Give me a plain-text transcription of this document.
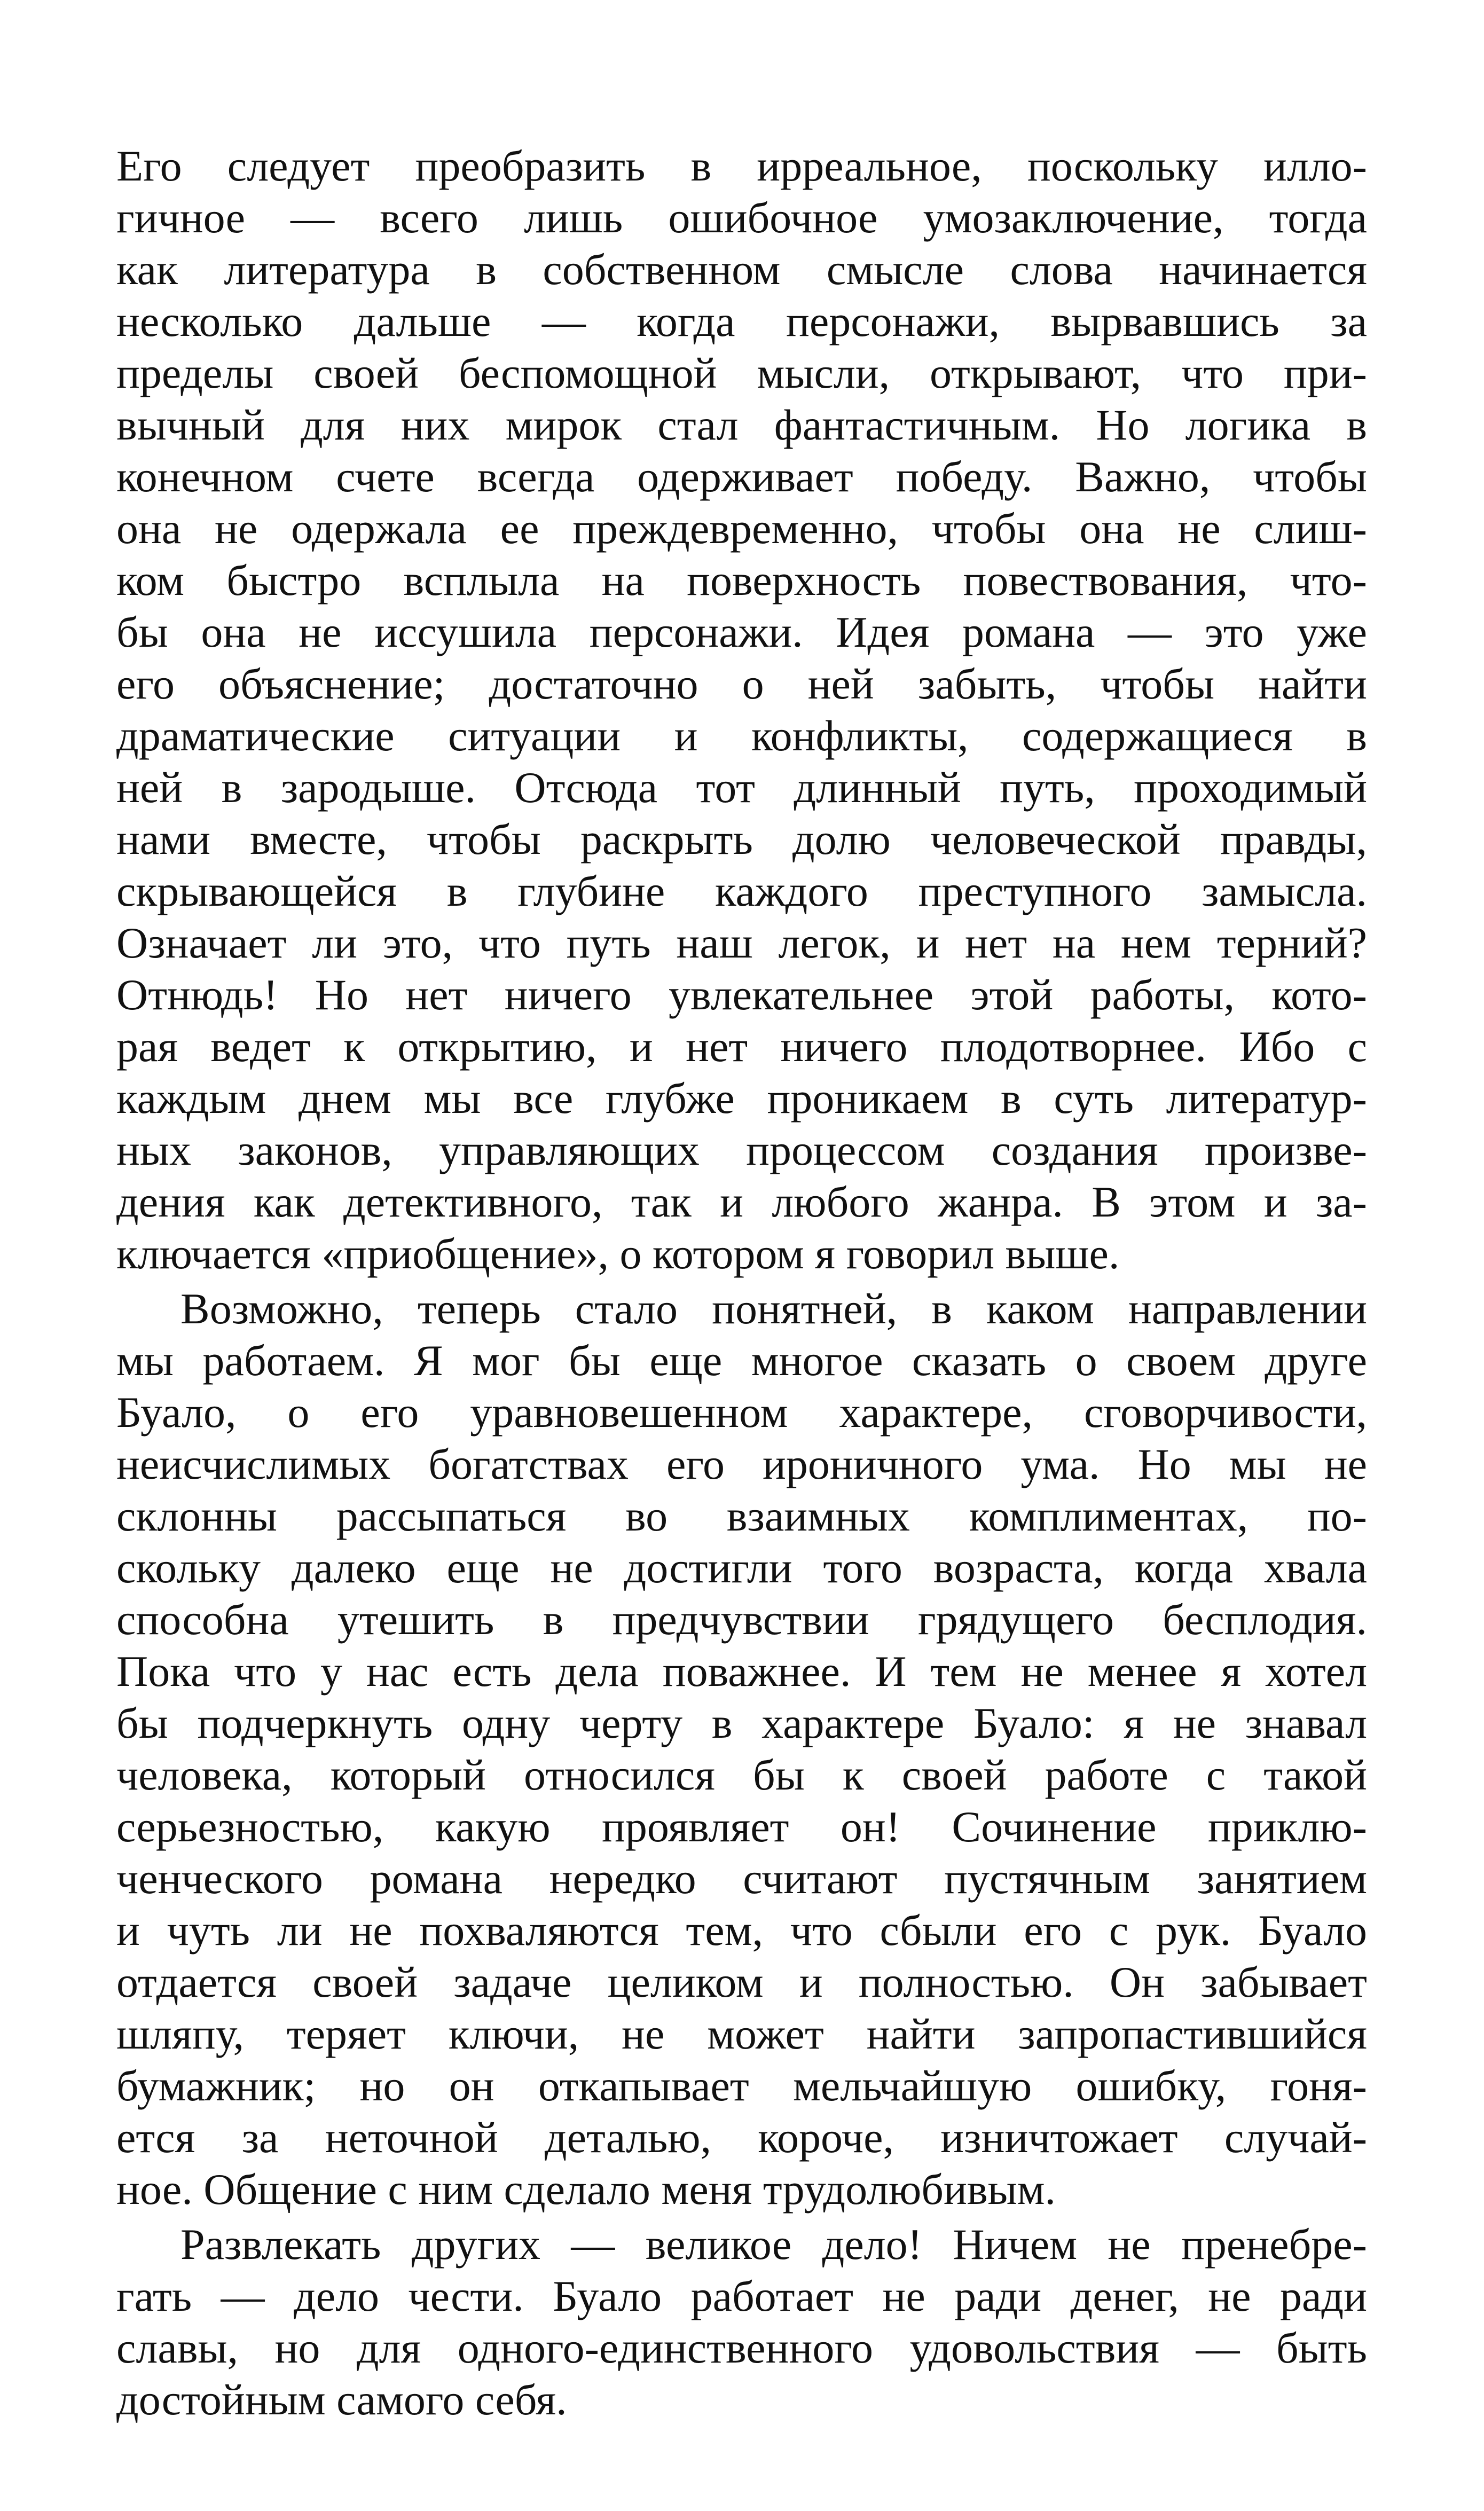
Его следует преобразить в ирреальное, поскольку илло-
гичное — всего лишь ошибочное умозаключение, тогда
как литература в собственном смысле слова начинается
несколько дальше — когда персонажи, вырвавшись за
пределы своей беспомощной мысли, открывают, что при-
вычный для них мирок стал фантастичным. Но логика в
конечном счете всегда одерживает победу. Важно, чтобы
она не одержала ее преждевременно, чтобы она не слиш-
ком быстро всплыла на поверхность повествования, что-
бы она не иссушила персонажи. Идея романа — это уже
его объяснение; достаточно о ней забыть, чтобы найти
драматические ситуации и конфликты, содержащиеся в
ней в зародыше. Отсюда тот длинный путь, проходимый
нами вместе, чтобы раскрыть долю человеческой правды,
скрывающейся в глубине каждого преступного замысла.
Означает ли это, что путь наш легок, и нет на нем терний?
Отнюдь! Но нет ничего увлекательнее этой работы, кото-
рая ведет к открытию, и нет ничего плодотворнее. Ибо с
каждым днем мы все глубже проникаем в суть литератур-
ных законов, управляющих процессом создания произве-
дения как детективного, так и любого жанра. В этом и за-
ключается «приобщение», о котором я говорил выше.
Возможно, теперь стало понятней, в каком направлении
мы работаем. Я мог бы еще многое сказать о своем друге
Буало, о его уравновешенном характере, сговорчивости,
неисчислимых богатствах его ироничного ума. Но мы не
склонны рассыпаться во взаимных комплиментах, по-
скольку далеко еще не достигли того возраста, когда хвала
способна утешить в предчувствии грядущего бесплодия.
Пока что у нас есть дела поважнее. И тем не менее я хотел
бы подчеркнуть одну черту в характере Буало: я не знавал
человека, который относился бы к своей работе с такой
серьезностью, какую проявляет он! Сочинение приклю-
ченческого романа нередко считают пустячным занятием
и чуть ли не похваляются тем, что сбыли его с рук. Буало
отдается своей задаче целиком и полностью. Он забывает
шляпу, теряет ключи, не может найти запропастившийся
бумажник; но он откапывает мельчайшую ошибку, гоня-
ется за неточной деталью, короче, изничтожает случай-
ное. Общение с ним сделало меня трудолюбивым.
Развлекать других — великое дело! Ничем не пренебре-
гать — дело чести. Буало работает не ради денег, не ради
славы, но для одного-единственного удовольствия — быть
достойным самого себя.
